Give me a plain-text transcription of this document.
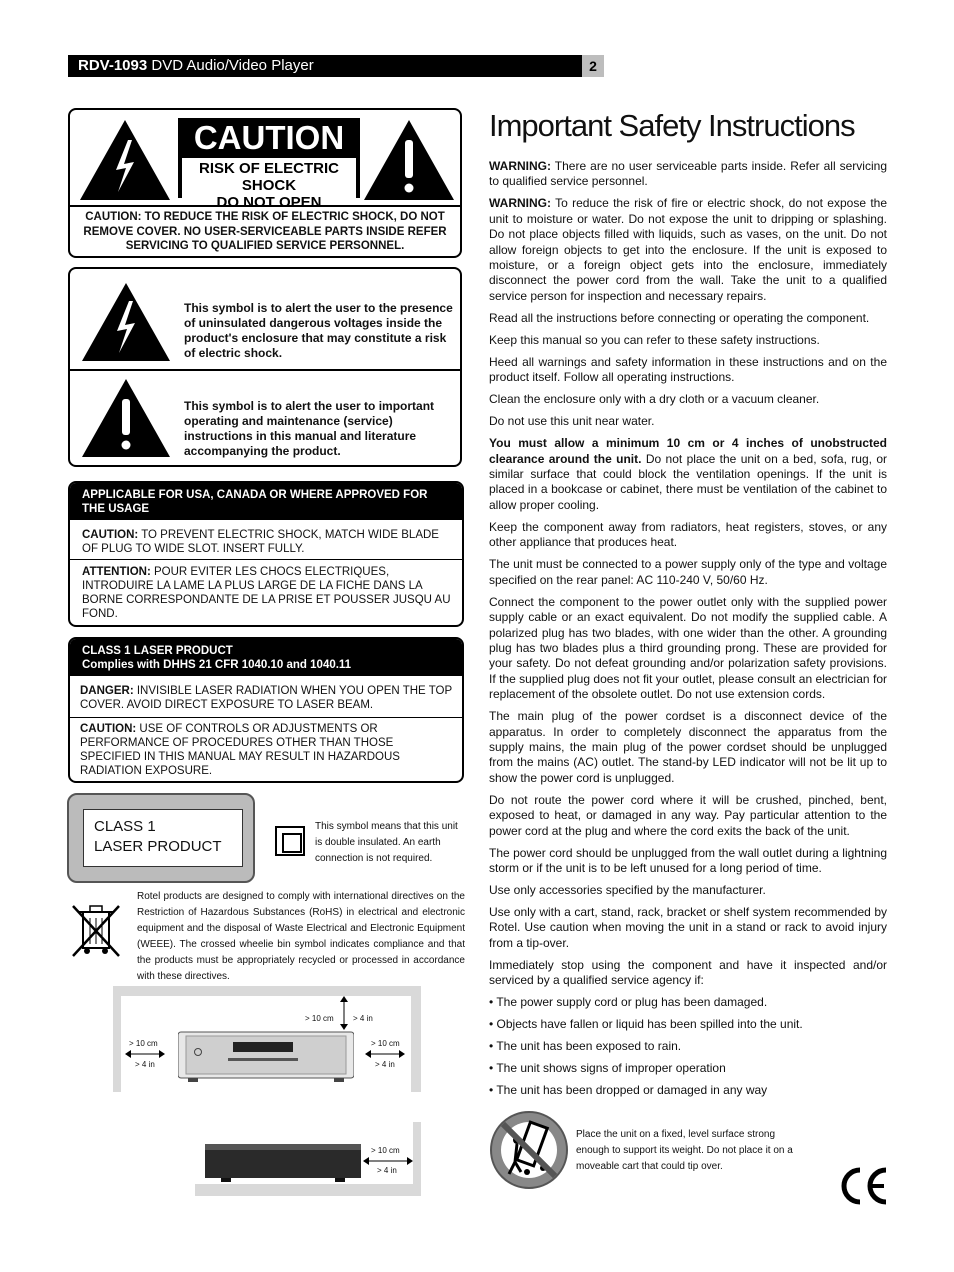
RDV-1093 DVD Audio/Video Player	2
CAUTION
RISK OF ELECTRIC SHOCK
DO NOT OPEN
CAUTION: TO REDUCE THE RISK OF ELECTRIC SHOCK, DO NOT REMOVE COVER. NO USER-SERVICEABLE PARTS INSIDE REFER SERVICING TO QUALIFIED SERVICE PERSONNEL.
This symbol is to alert the user to the presence of uninsulated dangerous voltages inside the product's enclosure that may constitute a risk of electric shock.
This symbol is to alert the user to important operating and maintenance (service) instructions in this manual and literature accompanying the product.
APPLICABLE FOR USA, CANADA OR WHERE APPROVED FOR THE USAGE
CAUTION: TO PREVENT ELECTRIC SHOCK, MATCH WIDE BLADE OF PLUG TO WIDE SLOT. INSERT FULLY.
ATTENTION: POUR EVITER LES CHOCS ELECTRIQUES, INTRODUIRE LA LAME LA PLUS LARGE DE LA FICHE DANS LA BORNE CORRESPONDANTE DE LA PRISE ET POUSSER JUSQU AU FOND.
CLASS 1 LASER PRODUCT
Complies with DHHS 21 CFR 1040.10 and 1040.11
DANGER: INVISIBLE LASER RADIATION WHEN YOU OPEN THE TOP COVER. AVOID DIRECT EXPOSURE TO LASER BEAM.
CAUTION: USE OF CONTROLS OR ADJUSTMENTS OR PERFORMANCE OF PROCEDURES OTHER THAN THOSE SPECIFIED IN THIS MANUAL MAY RESULT IN HAZARDOUS RADIATION EXPOSURE.
CLASS 1
LASER PRODUCT
This symbol means that this unit is double insulated. An earth connection is not required.
Rotel products are designed to comply with international directives on the Restriction of Hazardous Substances (RoHS) in electrical and electronic equipment and the disposal of Waste Electrical and Electronic Equipment (WEEE). The crossed wheelie bin symbol indicates compliance and that the products must be appropriately recycled or processed in accordance with these directives.
> 10 cm > 4 in
> 10 cm
> 4 in
> 10 cm
> 4 in
> 10 cm
> 4 in
Important Safety Instructions

WARNING: There are no user serviceable parts inside. Refer all servicing to qualified service personnel.

WARNING: To reduce the risk of fire or electric shock, do not expose the unit to moisture or water. Do not expose the unit to dripping or splashing. Do not place objects filled with liquids, such as vases, on the unit. Do not allow foreign objects to get into the enclosure. If the unit is exposed to moisture, or a foreign object gets into the enclosure, immediately disconnect the power cord from the wall. Take the unit to a qualified service person for inspection and necessary repairs.

Read all the instructions before connecting or operating the component.

Keep this manual so you can refer to these safety instructions.

Heed all warnings and safety information in these instructions and on the product itself. Follow all operating instructions.

Clean the enclosure only with a dry cloth or a vacuum cleaner.

Do not use this unit near water.

You must allow a minimum 10 cm or 4 inches of unobstructed clearance around the unit. Do not place the unit on a bed, sofa, rug, or similar surface that could block the ventilation openings. If the unit is placed in a bookcase or cabinet, there must be ventilation of the cabinet to allow proper cooling.

Keep the component away from radiators, heat registers, stoves, or any other appliance that produces heat.

The unit must be connected to a power supply only of the type and voltage specified on the rear panel: AC 110-240 V, 50/60 Hz.

Connect the component to the power outlet only with the supplied power supply cable or an exact equivalent. Do not modify the supplied cable. A polarized plug has two blades, with one wider than the other. A grounding plug has two blades plus a third grounding prong. These are provided for your safety. Do not defeat grounding and/or polarization safety provisions. If the supplied plug does not fit your outlet, please consult an electrician for replacement of the obsolete outlet. Do not use extension cords.

The main plug of the power cordset is a disconnect device of the apparatus. In order to completely disconnect the apparatus from the supply mains, the main plug of the power cordset should be unplugged from the mains (AC) outlet. The stand-by LED indicator will not be lit up to show the power cord is unplugged.

Do not route the power cord where it will be crushed, pinched, bent, exposed to heat, or damaged in any way. Pay particular attention to the power cord at the plug and where the cord exits the back of the unit.

The power cord should be unplugged from the wall outlet during a lightning storm or if the unit is to be left unused for a long period of time.

Use only accessories specified by the manufacturer.

Use only with a cart, stand, rack, bracket or shelf system recommended by Rotel. Use caution when moving the unit in a stand or rack to avoid injury from a tip-over.

Immediately stop using the component and have it inspected and/or serviced by a qualified service agency if:

• The power supply cord or plug has been damaged.

• Objects have fallen or liquid has been spilled into the unit.

• The unit has been exposed to rain.

• The unit shows signs of improper operation

• The unit has been dropped or damaged in any way

Place the unit on a fixed, level surface strong enough to support its weight. Do not place it on a moveable cart that could tip over.
